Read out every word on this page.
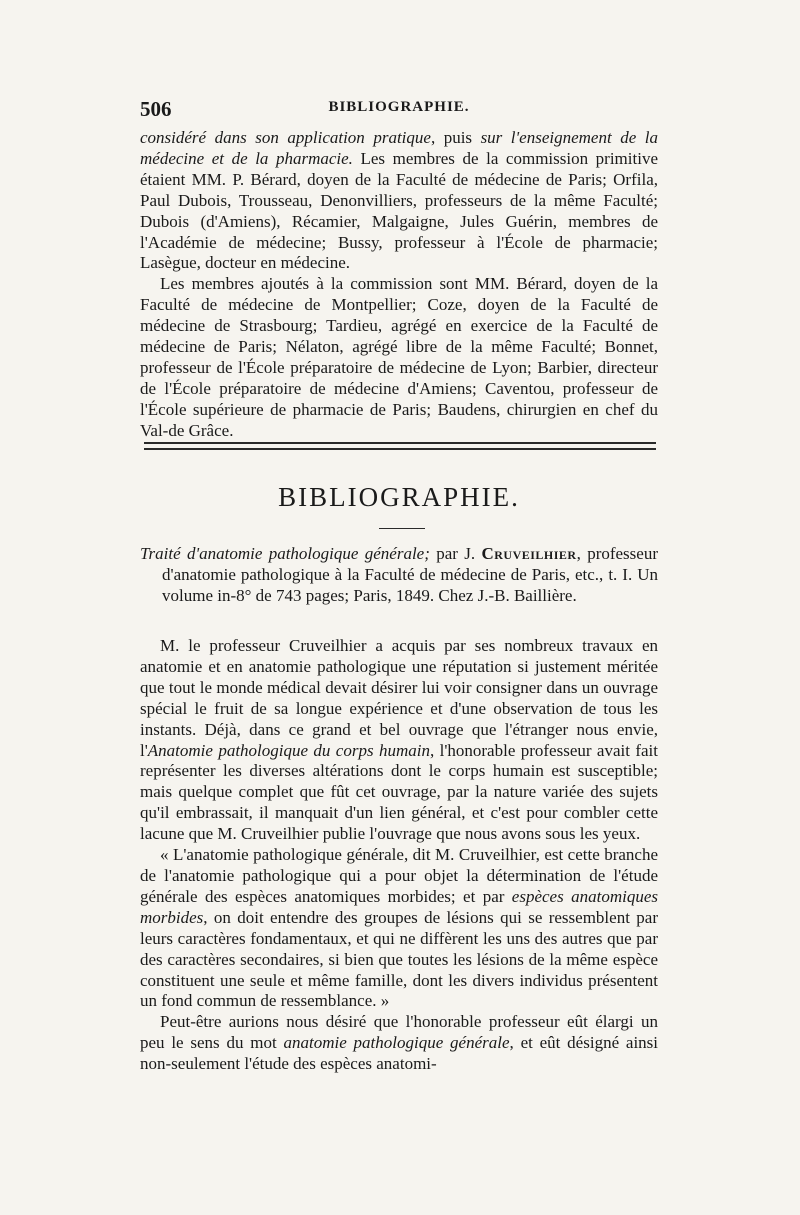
506	BIBLIOGRAPHIE.

considéré dans son application pratique, puis sur l'enseignement de la médecine et de la pharmacie. Les membres de la commission primitive étaient MM. P. Bérard, doyen de la Faculté de médecine de Paris; Orfila, Paul Dubois, Trousseau, Denonvilliers, professeurs de la même Faculté; Dubois (d'Amiens), Récamier, Malgaigne, Jules Guérin, membres de l'Académie de médecine; Bussy, professeur à l'École de pharmacie; Lasègue, docteur en médecine.

Les membres ajoutés à la commission sont MM. Bérard, doyen de la Faculté de médecine de Montpellier; Coze, doyen de la Faculté de médecine de Strasbourg; Tardieu, agrégé en exercice de la Faculté de médecine de Paris; Nélaton, agrégé libre de la même Faculté; Bonnet, professeur de l'École préparatoire de médecine de Lyon; Barbier, directeur de l'École préparatoire de médecine d'Amiens; Caventou, professeur de l'École supérieure de pharmacie de Paris; Baudens, chirurgien en chef du Val-de Grâce.

BIBLIOGRAPHIE.
Traité d'anatomie pathologique générale; par J. Cruveilhier, professeur d'anatomie pathologique à la Faculté de médecine de Paris, etc., t. I. Un volume in-8° de 743 pages; Paris, 1849. Chez J.-B. Baillière.

M. le professeur Cruveilhier a acquis par ses nombreux travaux en anatomie et en anatomie pathologique une réputation si justement méritée que tout le monde médical devait désirer lui voir consigner dans un ouvrage spécial le fruit de sa longue expérience et d'une observation de tous les instants. Déjà, dans ce grand et bel ouvrage que l'étranger nous envie, l'Anatomie pathologique du corps humain, l'honorable professeur avait fait représenter les diverses altérations dont le corps humain est susceptible; mais quelque complet que fût cet ouvrage, par la nature variée des sujets qu'il embrassait, il manquait d'un lien général, et c'est pour combler cette lacune que M. Cruveilhier publie l'ouvrage que nous avons sous les yeux.

« L'anatomie pathologique générale, dit M. Cruveilhier, est cette branche de l'anatomie pathologique qui a pour objet la détermination de l'étude générale des espèces anatomiques morbides; et par espèces anatomiques morbides, on doit entendre des groupes de lésions qui se ressemblent par leurs caractères fondamentaux, et qui ne diffèrent les uns des autres que par des caractères secondaires, si bien que toutes les lésions de la même espèce constituent une seule et même famille, dont les divers individus présentent un fond commun de ressemblance. »

Peut-être aurions nous désiré que l'honorable professeur eût élargi un peu le sens du mot anatomie pathologique générale, et eût désigné ainsi non-seulement l'étude des espèces anatomi-
